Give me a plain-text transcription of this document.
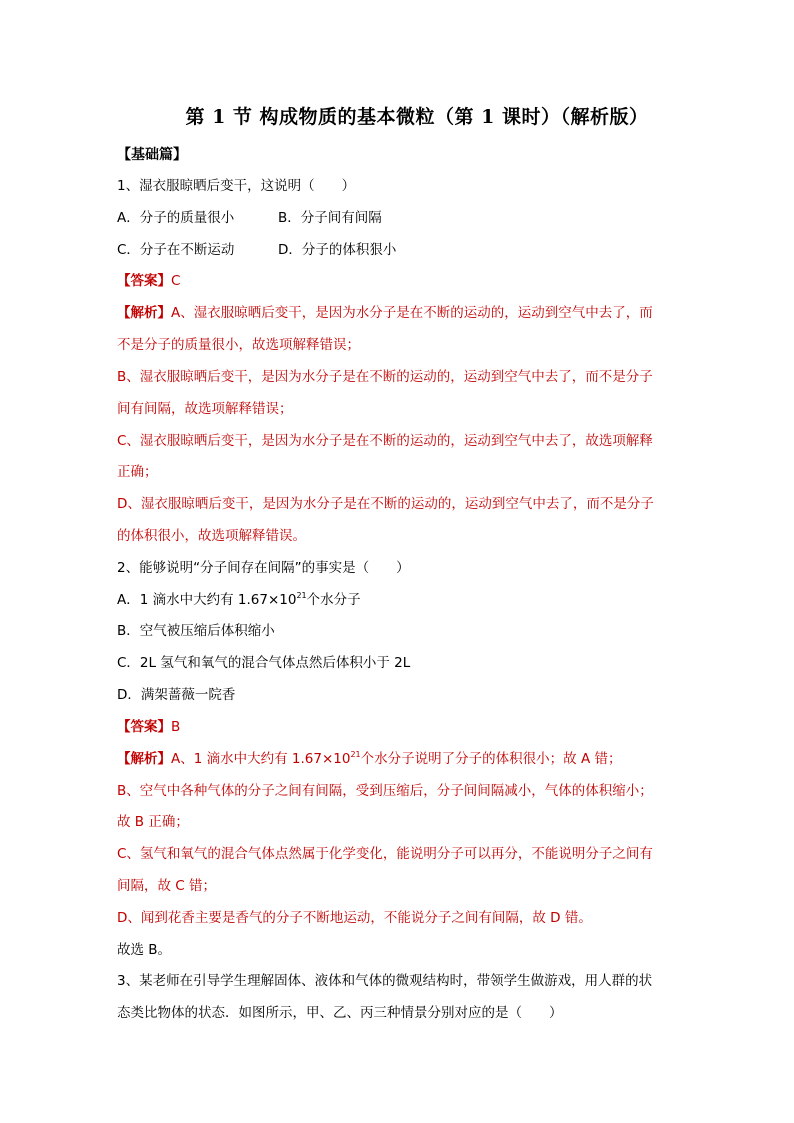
第 1 节 构成物质的基本微粒（第 1 课时）（解析版）
【基础篇】
1、湿衣服晾晒后变干，这说明（　　）
A．分子的质量很小	B．分子间有间隔
C．分子在不断运动	D．分子的体积狠小
【答案】C
【解析】A、湿衣服晾晒后变干，是因为水分子是在不断的运动的，运动到空气中去了，而
不是分子的质量很小，故选项解释错误；
B、湿衣服晾晒后变干，是因为水分子是在不断的运动的，运动到空气中去了，而不是分子
间有间隔，故选项解释错误；
C、湿衣服晾晒后变干，是因为水分子是在不断的运动的，运动到空气中去了，故选项解释
正确；
D、湿衣服晾晒后变干，是因为水分子是在不断的运动的，运动到空气中去了，而不是分子
的体积很小，故选项解释错误。
2、能够说明“分子间存在间隔”的事实是（　　）
A．1 滴水中大约有 $1.67\times 10^{21}$个水分子
B．空气被压缩后体积缩小
C．2L 氢气和氧气的混合气体点然后体积小于 2L
D．满架蔷薇一院香
【答案】B
【解析】A、1 滴水中大约有 $1.67\times 10^{21}$个水分子说明了分子的体积很小；故 A 错；
B、空气中各种气体的分子之间有间隔，受到压缩后，分子间间隔减小，气体的体积缩小；
故 B 正确；
C、氢气和氧气的混合气体点然属于化学变化，能说明分子可以再分，不能说明分子之间有
间隔，故 C 错；
D、闻到花香主要是香气的分子不断地运动，不能说分子之间有间隔，故 D 错。
故选 B。
3、某老师在引导学生理解固体、液体和气体的微观结构时，带领学生做游戏，用人群的状
态类比物体的状态．如图所示，甲、乙、丙三种情景分别对应的是（　　）
